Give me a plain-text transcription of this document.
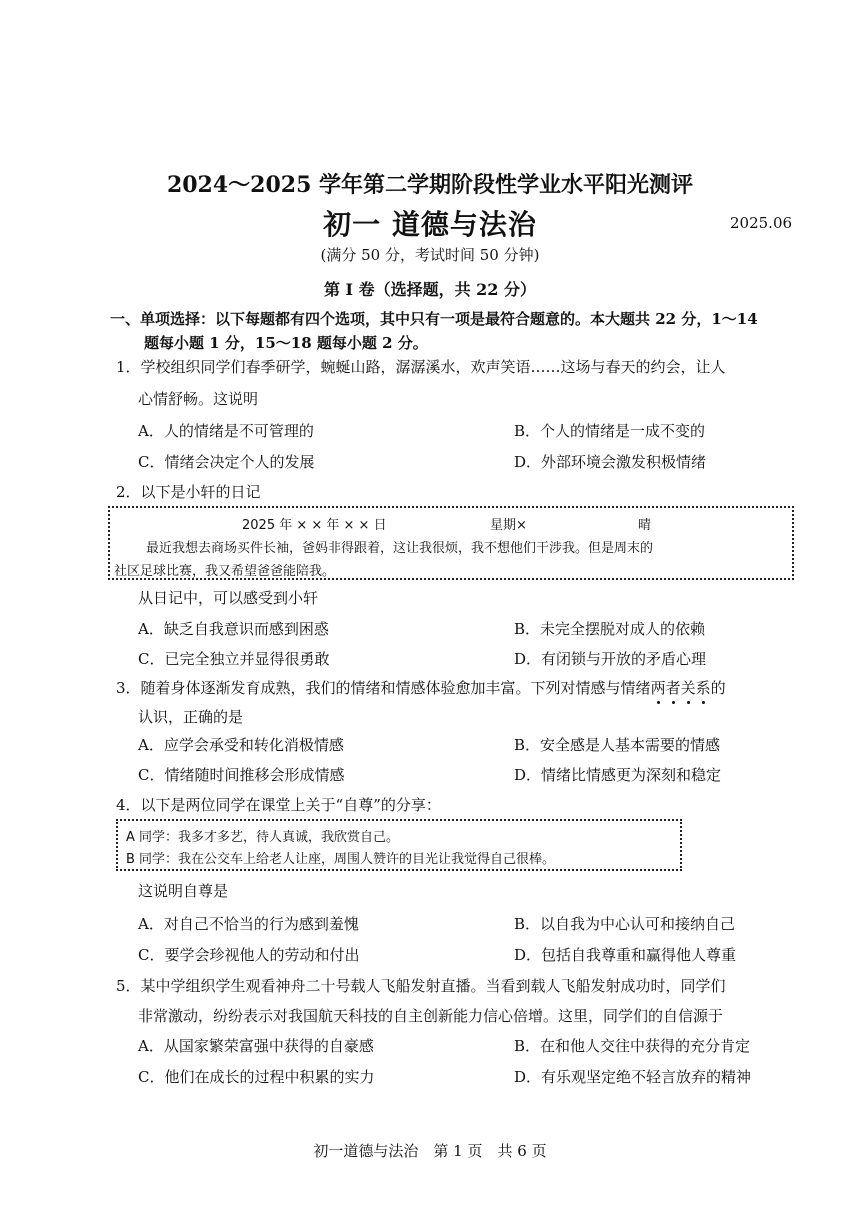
2024～2025 学年第二学期阶段性学业水平阳光测评
初一 道德与法治	2025.06
(满分 50 分，考试时间 50 分钟)
第 Ⅰ 卷（选择题，共 22 分）
一、单项选择：以下每题都有四个选项，其中只有一项是最符合题意的。本大题共 22 分，1～14
题每小题 1 分，15～18 题每小题 2 分。
1．学校组织同学们春季研学，蜿蜒山路，潺潺溪水，欢声笑语……这场与春天的约会，让人
心情舒畅。这说明
A．人的情绪是不可管理的	B．个人的情绪是一成不变的
C．情绪会决定个人的发展	D．外部环境会激发积极情绪
2．以下是小轩的日记
2025 年 × × 年 × × 日	星期×	晴
最近我想去商场买件长袖，爸妈非得跟着，这让我很烦，我不想他们干涉我。但是周末的
社区足球比赛，我又希望爸爸能陪我。
从日记中，可以感受到小轩
A．缺乏自我意识而感到困惑	B．未完全摆脱对成人的依赖
C．已完全独立并显得很勇敢	D．有闭锁与开放的矛盾心理
3．随着身体逐渐发育成熟，我们的情绪和情感体验愈加丰富。下列对情感与情绪两者关系的
认识，正确的是
A．应学会承受和转化消极情感	B．安全感是人基本需要的情感
C．情绪随时间推移会形成情感	D．情绪比情感更为深刻和稳定
4．以下是两位同学在课堂上关于“自尊”的分享：
A 同学：我多才多艺，待人真诚，我欣赏自己。
B 同学：我在公交车上给老人让座，周围人赞许的目光让我觉得自己很棒。
这说明自尊是
A．对自己不恰当的行为感到羞愧	B．以自我为中心认可和接纳自己
C．要学会珍视他人的劳动和付出	D．包括自我尊重和赢得他人尊重
5．某中学组织学生观看神舟二十号载人飞船发射直播。当看到载人飞船发射成功时，同学们
非常激动，纷纷表示对我国航天科技的自主创新能力信心倍增。这里，同学们的自信源于
A．从国家繁荣富强中获得的自豪感	B．在和他人交往中获得的充分肯定
C．他们在成长的过程中积累的实力	D．有乐观坚定绝不轻言放弃的精神
初一道德与法治　第 1 页　共 6 页
